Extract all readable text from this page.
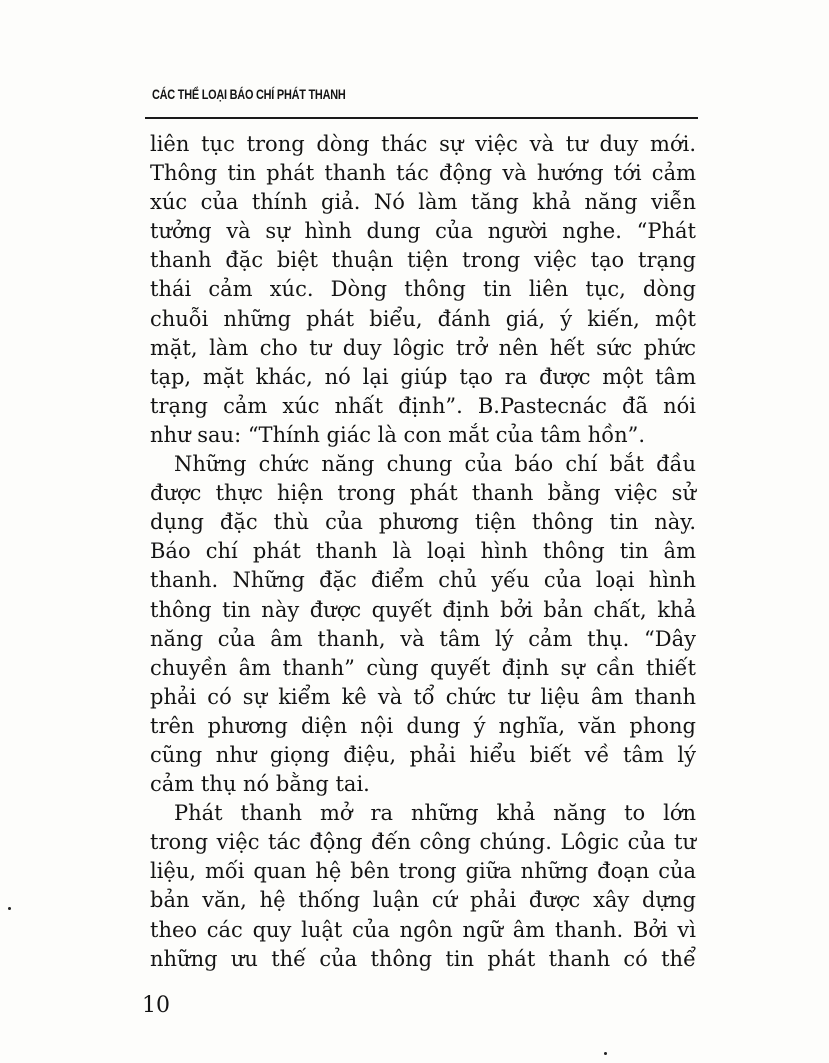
CÁC THỂ LOẠI BÁO CHÍ PHÁT THANH
liên tục trong dòng thác sự việc và tư duy mới.
Thông tin phát thanh tác động và hướng tới cảm
xúc của thính giả. Nó làm tăng khả năng viễn
tưởng và sự hình dung của người nghe. “Phát
thanh đặc biệt thuận tiện trong việc tạo trạng
thái cảm xúc. Dòng thông tin liên tục, dòng
chuỗi những phát biểu, đánh giá, ý kiến, một
mặt, làm cho tư duy lôgic trở nên hết sức phức
tạp, mặt khác, nó lại giúp tạo ra được một tâm
trạng cảm xúc nhất định”. B.Pastecnác đã nói
như sau: “Thính giác là con mắt của tâm hồn”.
Những chức năng chung của báo chí bắt đầu
được thực hiện trong phát thanh bằng việc sử
dụng đặc thù của phương tiện thông tin này.
Báo chí phát thanh là loại hình thông tin âm
thanh. Những đặc điểm chủ yếu của loại hình
thông tin này được quyết định bởi bản chất, khả
năng của âm thanh, và tâm lý cảm thụ. “Dây
chuyền âm thanh” cùng quyết định sự cần thiết
phải có sự kiểm kê và tổ chức tư liệu âm thanh
trên phương diện nội dung ý nghĩa, văn phong
cũng như giọng điệu, phải hiểu biết về tâm lý
cảm thụ nó bằng tai.
Phát thanh mở ra những khả năng to lớn
trong việc tác động đến công chúng. Lôgic của tư
liệu, mối quan hệ bên trong giữa những đoạn của
bản văn, hệ thống luận cứ phải được xây dựng
theo các quy luật của ngôn ngữ âm thanh. Bởi vì
những ưu thế của thông tin phát thanh có thể
10
